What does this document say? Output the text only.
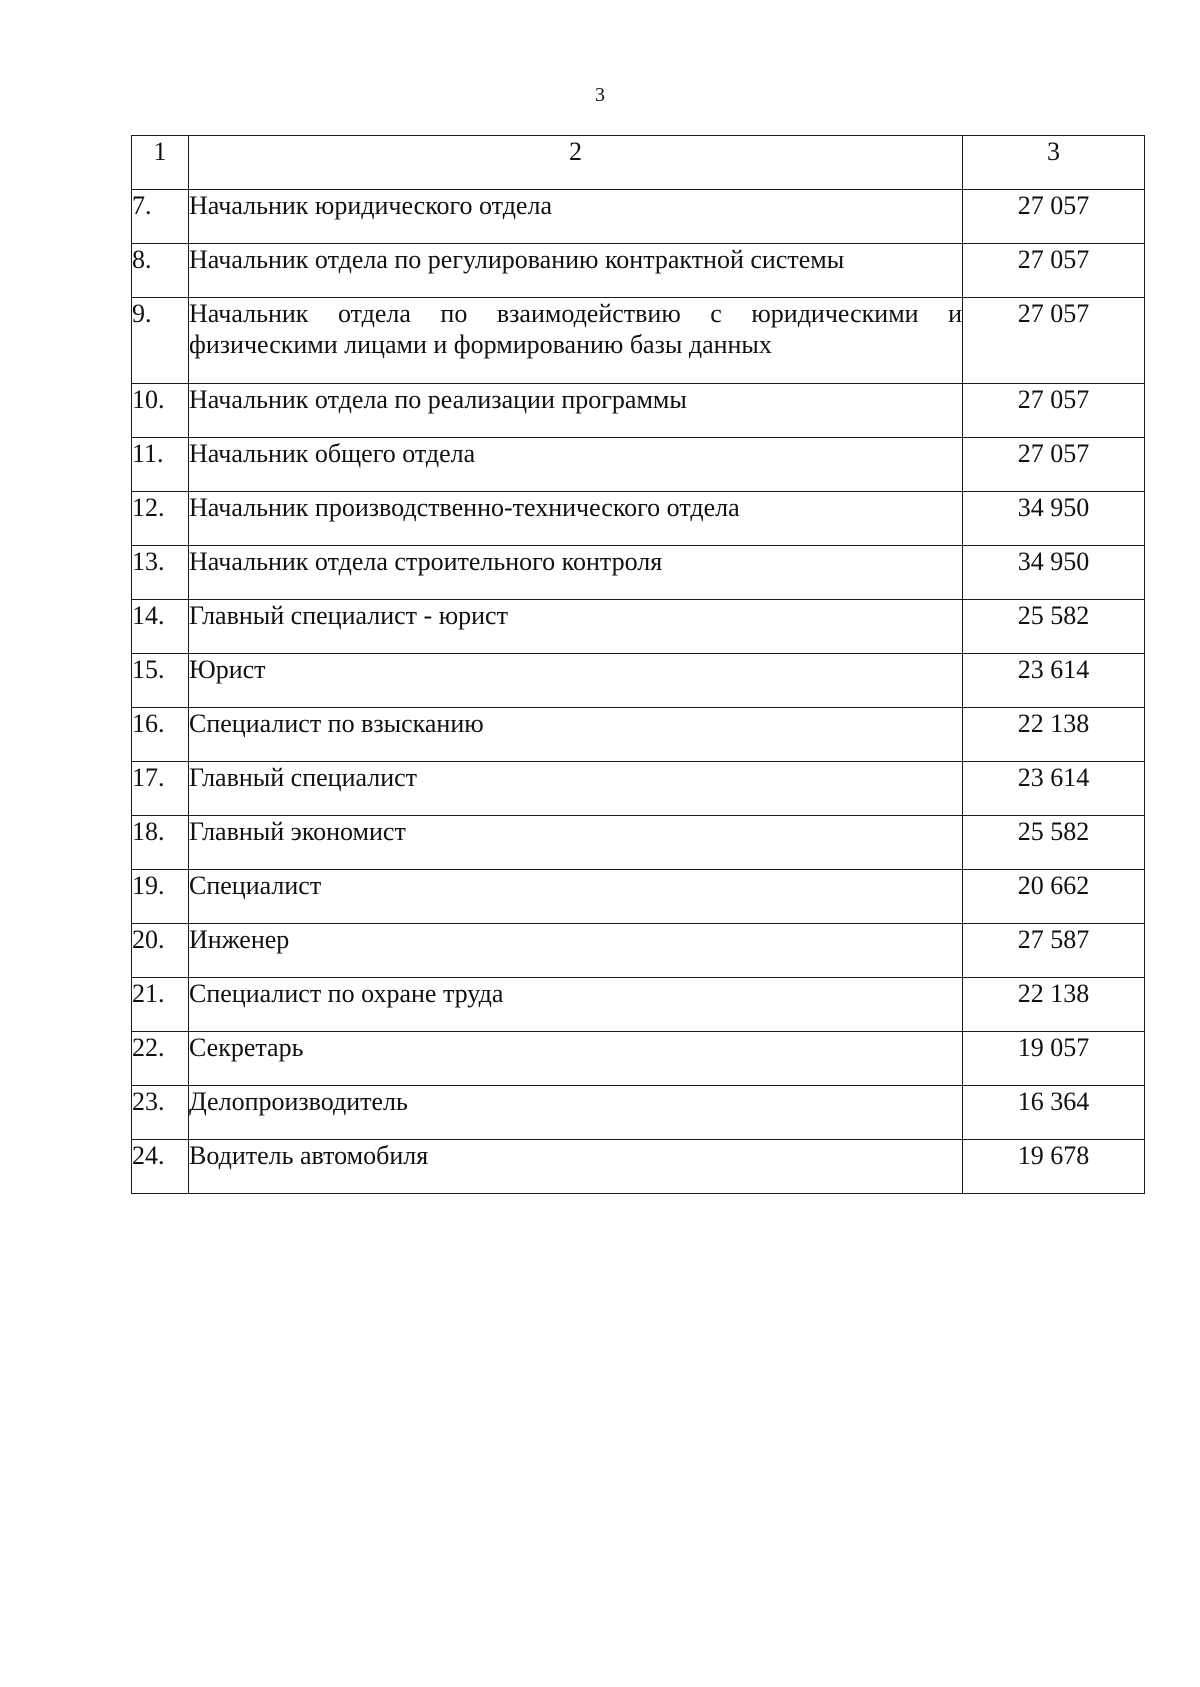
3
1	2	3
7.	Начальник юридического отдела	27 057
8.	Начальник отдела по регулированию контрактной системы	27 057
9.	Начальник отдела по взаимодействию с юридическими и физическими лицами и формированию базы данных	27 057
10.	Начальник отдела по реализации программы	27 057
11.	Начальник общего отдела	27 057
12.	Начальник производственно-технического отдела	34 950
13.	Начальник отдела строительного контроля	34 950
14.	Главный специалист - юрист	25 582
15.	Юрист	23 614
16.	Специалист по взысканию	22 138
17.	Главный специалист	23 614
18.	Главный экономист	25 582
19.	Специалист	20 662
20.	Инженер	27 587
21.	Специалист по охране труда	22 138
22.	Секретарь	19 057
23.	Делопроизводитель	16 364
24.	Водитель автомобиля	19 678
